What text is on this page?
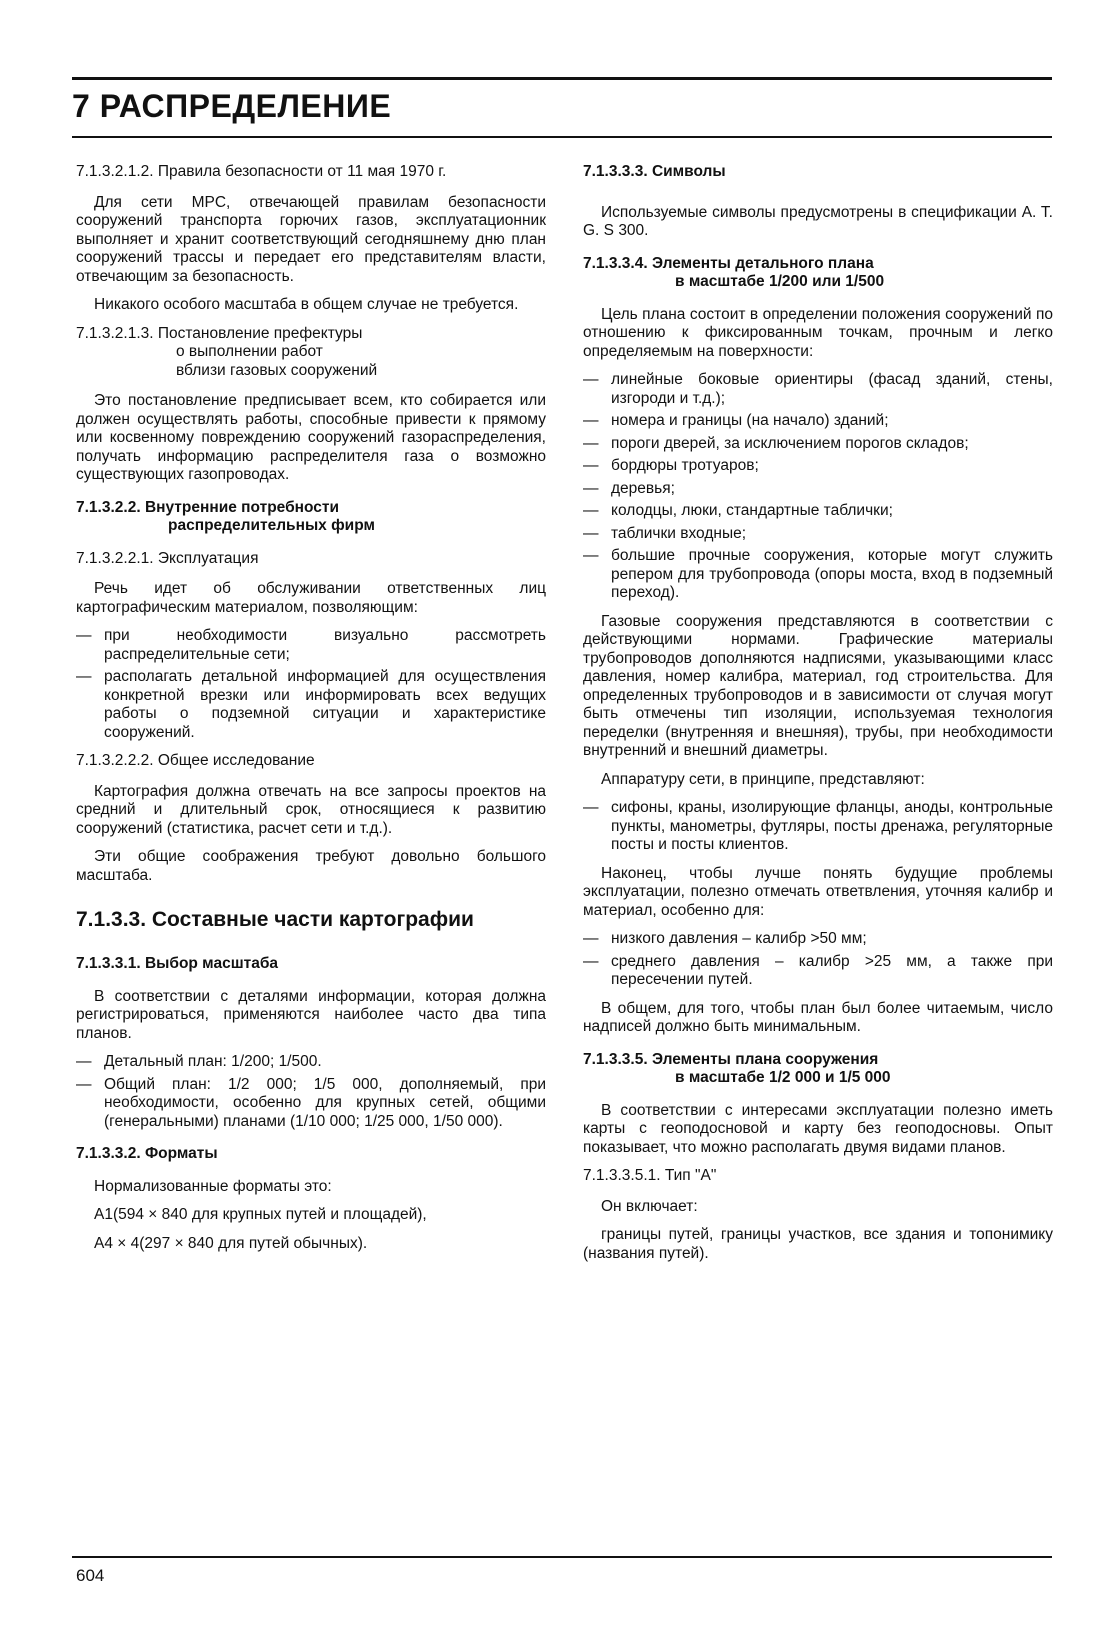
7 РАСПРЕДЕЛЕНИЕ

7.1.3.2.1.2. Правила безопасности от 11 мая 1970 г.

Для сети MPC, отвечающей правилам безопасности сооружений транспорта горючих газов, эксплуатационник выполняет и хранит соответствующий сегодняшнему дню план сооружений трассы и передает его представителям власти, отвечающим за безопасность.

Никакого особого масштаба в общем случае не требуется.

7.1.3.2.1.3. Постановление префектуры
о выполнении работ
вблизи газовых сооружений

Это постановление предписывает всем, кто собирается или должен осуществлять работы, способные привести к прямому или косвенному повреждению сооружений газораспределения, получать информацию распределителя газа о возможно существующих газопроводах.

7.1.3.2.2. Внутренние потребности
распределительных фирм

7.1.3.2.2.1. Эксплуатация

Речь идет об обслуживании ответственных лиц картографическим материалом, позволяющим:

— при необходимости визуально рассмотреть распределительные сети;
— располагать детальной информацией для осуществления конкретной врезки или информировать всех ведущих работы о подземной ситуации и характеристике сооружений.

7.1.3.2.2.2. Общее исследование

Картография должна отвечать на все запросы проектов на средний и длительный срок, относящиеся к развитию сооружений (статистика, расчет сети и т.д.).

Эти общие соображения требуют довольно большого масштаба.

7.1.3.3. Составные части картографии
7.1.3.3.1. Выбор масштаба

В соответствии с деталями информации, которая должна регистрироваться, применяются наиболее часто два типа планов.

— Детальный план: 1/200; 1/500.
— Общий план: 1/2 000; 1/5 000, дополняемый, при необходимости, особенно для крупных сетей, общими (генеральными) планами (1/10 000; 1/25 000, 1/50 000).
7.1.3.3.2. Форматы

Нормализованные форматы это:

A1(594 × 840 для крупных путей и площадей),

A4 × 4(297 × 840 для путей обычных).

7.1.3.3.3. Символы

Используемые символы предусмотрены в спецификации A. T. G. S 300.

7.1.3.3.4. Элементы детального плана
в масштабе 1/200 или 1/500

Цель плана состоит в определении положения сооружений по отношению к фиксированным точкам, прочным и легко определяемым на поверхности:

— линейные боковые ориентиры (фасад зданий, стены, изгороди и т.д.);
— номера и границы (на начало) зданий;
— пороги дверей, за исключением порогов складов;
— бордюры тротуаров;
— деревья;
— колодцы, люки, стандартные таблички;
— таблички входные;
— большие прочные сооружения, которые могут служить репером для трубопровода (опоры моста, вход в подземный переход).

Газовые сооружения представляются в соответствии с действующими нормами. Графические материалы трубопроводов дополняются надписями, указывающими класс давления, номер калибра, материал, год строительства. Для определенных трубопроводов и в зависимости от случая могут быть отмечены тип изоляции, используемая технология переделки (внутренняя и внешняя), трубы, при необходимости внутренний и внешний диаметры.

Аппаратуру сети, в принципе, представляют:

— сифоны, краны, изолирующие фланцы, аноды, контрольные пункты, манометры, футляры, посты дренажа, регуляторные посты и посты клиентов.

Наконец, чтобы лучше понять будущие проблемы эксплуатации, полезно отмечать ответвления, уточняя калибр и материал, особенно для:

— низкого давления – калибр >50 мм;
— среднего давления – калибр >25 мм, а также при пересечении путей.

В общем, для того, чтобы план был более читаемым, число надписей должно быть минимальным.

7.1.3.3.5. Элементы плана сооружения
в масштабе 1/2 000 и 1/5 000

В соответствии с интересами эксплуатации полезно иметь карты с геоподосновой и карту без геоподосновы. Опыт показывает, что можно располагать двумя видами планов.

7.1.3.3.5.1. Тип "A"

Он включает:

границы путей, границы участков, все здания и топонимику (названия путей).

604
